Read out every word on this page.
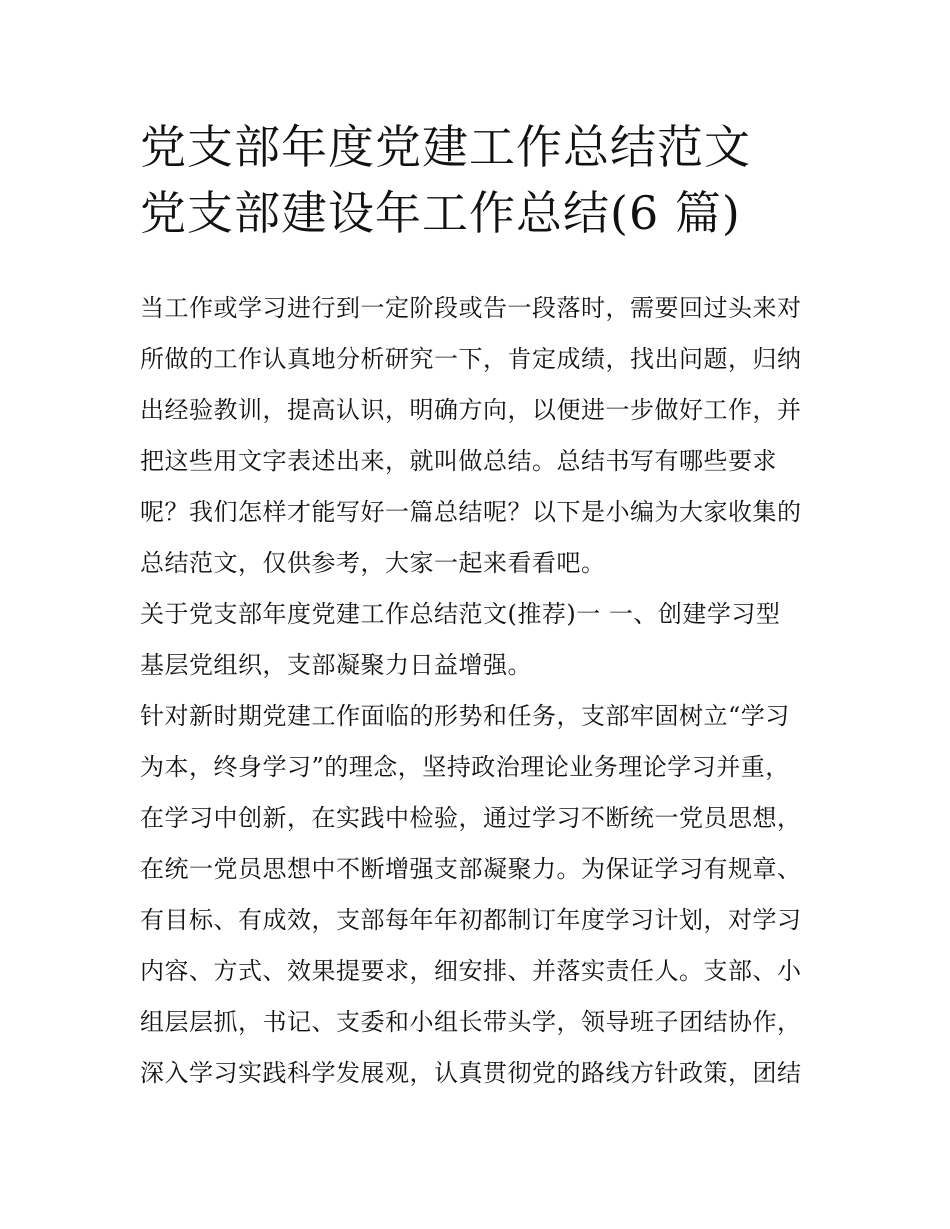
党支部年度党建工作总结范文
党支部建设年工作总结(6 篇)
当工作或学习进行到一定阶段或告一段落时，需要回过头来对
所做的工作认真地分析研究一下，肯定成绩，找出问题，归纳
出经验教训，提高认识，明确方向，以便进一步做好工作，并
把这些用文字表述出来，就叫做总结。总结书写有哪些要求
呢？我们怎样才能写好一篇总结呢？以下是小编为大家收集的
总结范文，仅供参考，大家一起来看看吧。
关于党支部年度党建工作总结范文(推荐)一 一、创建学习型
基层党组织，支部凝聚力日益增强。
针对新时期党建工作面临的形势和任务，支部牢固树立“学习
为本，终身学习”的理念，坚持政治理论业务理论学习并重，
在学习中创新，在实践中检验，通过学习不断统一党员思想，
在统一党员思想中不断增强支部凝聚力。为保证学习有规章、
有目标、有成效，支部每年年初都制订年度学习计划，对学习
内容、方式、效果提要求，细安排、并落实责任人。支部、小
组层层抓，书记、支委和小组长带头学，领导班子团结协作，
深入学习实践科学发展观，认真贯彻党的路线方针政策，团结
